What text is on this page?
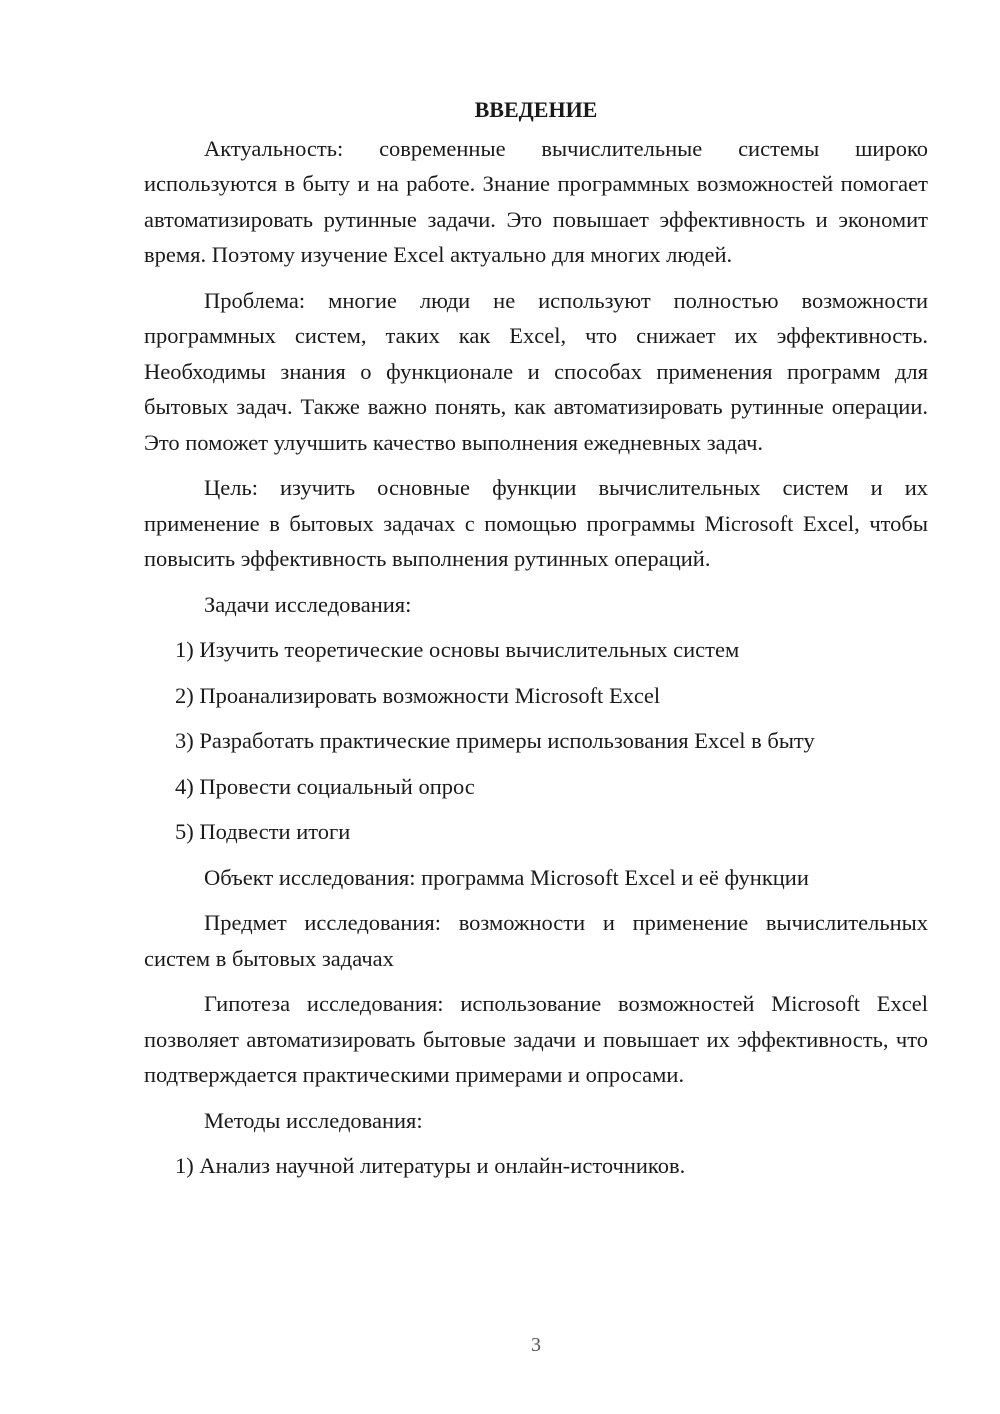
ВВЕДЕНИЕ

Актуальность: современные вычислительные системы широко используются в быту и на работе. Знание программных возможностей помогает автоматизировать рутинные задачи. Это повышает эффективность и экономит время. Поэтому изучение Excel актуально для многих людей.

Проблема: многие люди не используют полностью возможности программных систем, таких как Excel, что снижает их эффективность. Необходимы знания о функционале и способах применения программ для бытовых задач. Также важно понять, как автоматизировать рутинные операции. Это поможет улучшить качество выполнения ежедневных задач.

Цель: изучить основные функции вычислительных систем и их применение в бытовых задачах с помощью программы Microsoft Excel, чтобы повысить эффективность выполнения рутинных операций.

Задачи исследования:

1) Изучить теоретические основы вычислительных систем

2) Проанализировать возможности Microsoft Excel

3) Разработать практические примеры использования Excel в быту

4) Провести социальный опрос

5) Подвести итоги

Объект исследования: программа Microsoft Excel и её функции

Предмет исследования: возможности и применение вычислительных систем в бытовых задачах

Гипотеза исследования: использование возможностей Microsoft Excel позволяет автоматизировать бытовые задачи и повышает их эффективность, что подтверждается практическими примерами и опросами.

Методы исследования:

1) Анализ научной литературы и онлайн-источников.

3
